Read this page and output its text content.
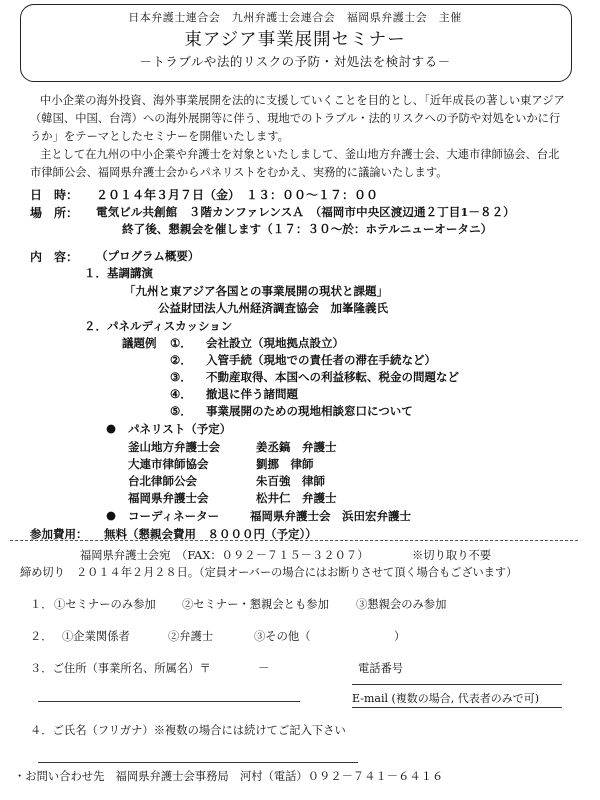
日本弁護士連合会　九州弁護士会連合会　福岡県弁護士会　主催
東アジア事業展開セミナー
－トラブルや法的リスクの予防・対処法を検討する－
中小企業の海外投資、海外事業展開を法的に支援していくことを目的とし、「近年成長の著しい東アジア（韓国、中国、台湾）への海外展開等に伴う、現地でのトラブル・法的リスクへの予防や対処をいかに行うか」をテーマとしたセミナーを開催いたします。
主として在九州の中小企業や弁護士を対象といたしまして、釜山地方弁護士会、大連市律師協会、台北市律師公会、福岡県弁護士会からパネリストをむかえ、実務的に議論いたします。
日　時： ２０１４年３月７日（金）　１３：００～１７：００
場　所： 電気ビル共創館　３階カンファレンスＡ　（福岡市中央区渡辺通２丁目1－８２）
終了後、懇親会を催します（１７：３０～於：ホテルニューオータニ）
内　容： （プログラム概要）
１．基調講演
「九州と東アジア各国との事業展開の現状と課題」
公益財団法人九州経済調査協会　加峯隆義氏
２．パネルディスカッション
議題例 ①． 会社設立（現地拠点設立）
②． 入管手続（現地での責任者の滞在手続など）
③． 不動産取得、本国への利益移転、税金の問題など
④． 撤退に伴う諸問題
⑤． 事業展開のための現地相談窓口について
● パネリスト（予定）
釜山地方弁護士会	姜丞鎬　弁護士
大連市律師協会	劉挪　律師
台北律師公会	朱百強　律師
福岡県弁護士会	松井仁　弁護士
● コーディネーター	福岡県弁護士会　浜田宏弁護士
参加費用： 無料（懇親会費用　８０００円（予定））
福岡県弁護士会宛　（FAX：０９２－７１５－３２０７）	※切り取り不要
締め切り　２０１４年２月２８日。（定員オーバーの場合にはお断りさせて頂く場合もございます）
１． ①セミナーのみ参加 ②セミナー・懇親会とも参加 ③懇親会のみ参加
２． ①企業関係者	②弁護士	③その他（	）
３．ご住所（事業所名、所属名）〒	－	電話番号
E-mail (複数の場合, 代表者のみで可)
４．ご氏名（フリガナ）※複数の場合には続けてご記入下さい
・お問い合わせ先　福岡県弁護士会事務局　河村（電話）０９２－７４１－６４１６
